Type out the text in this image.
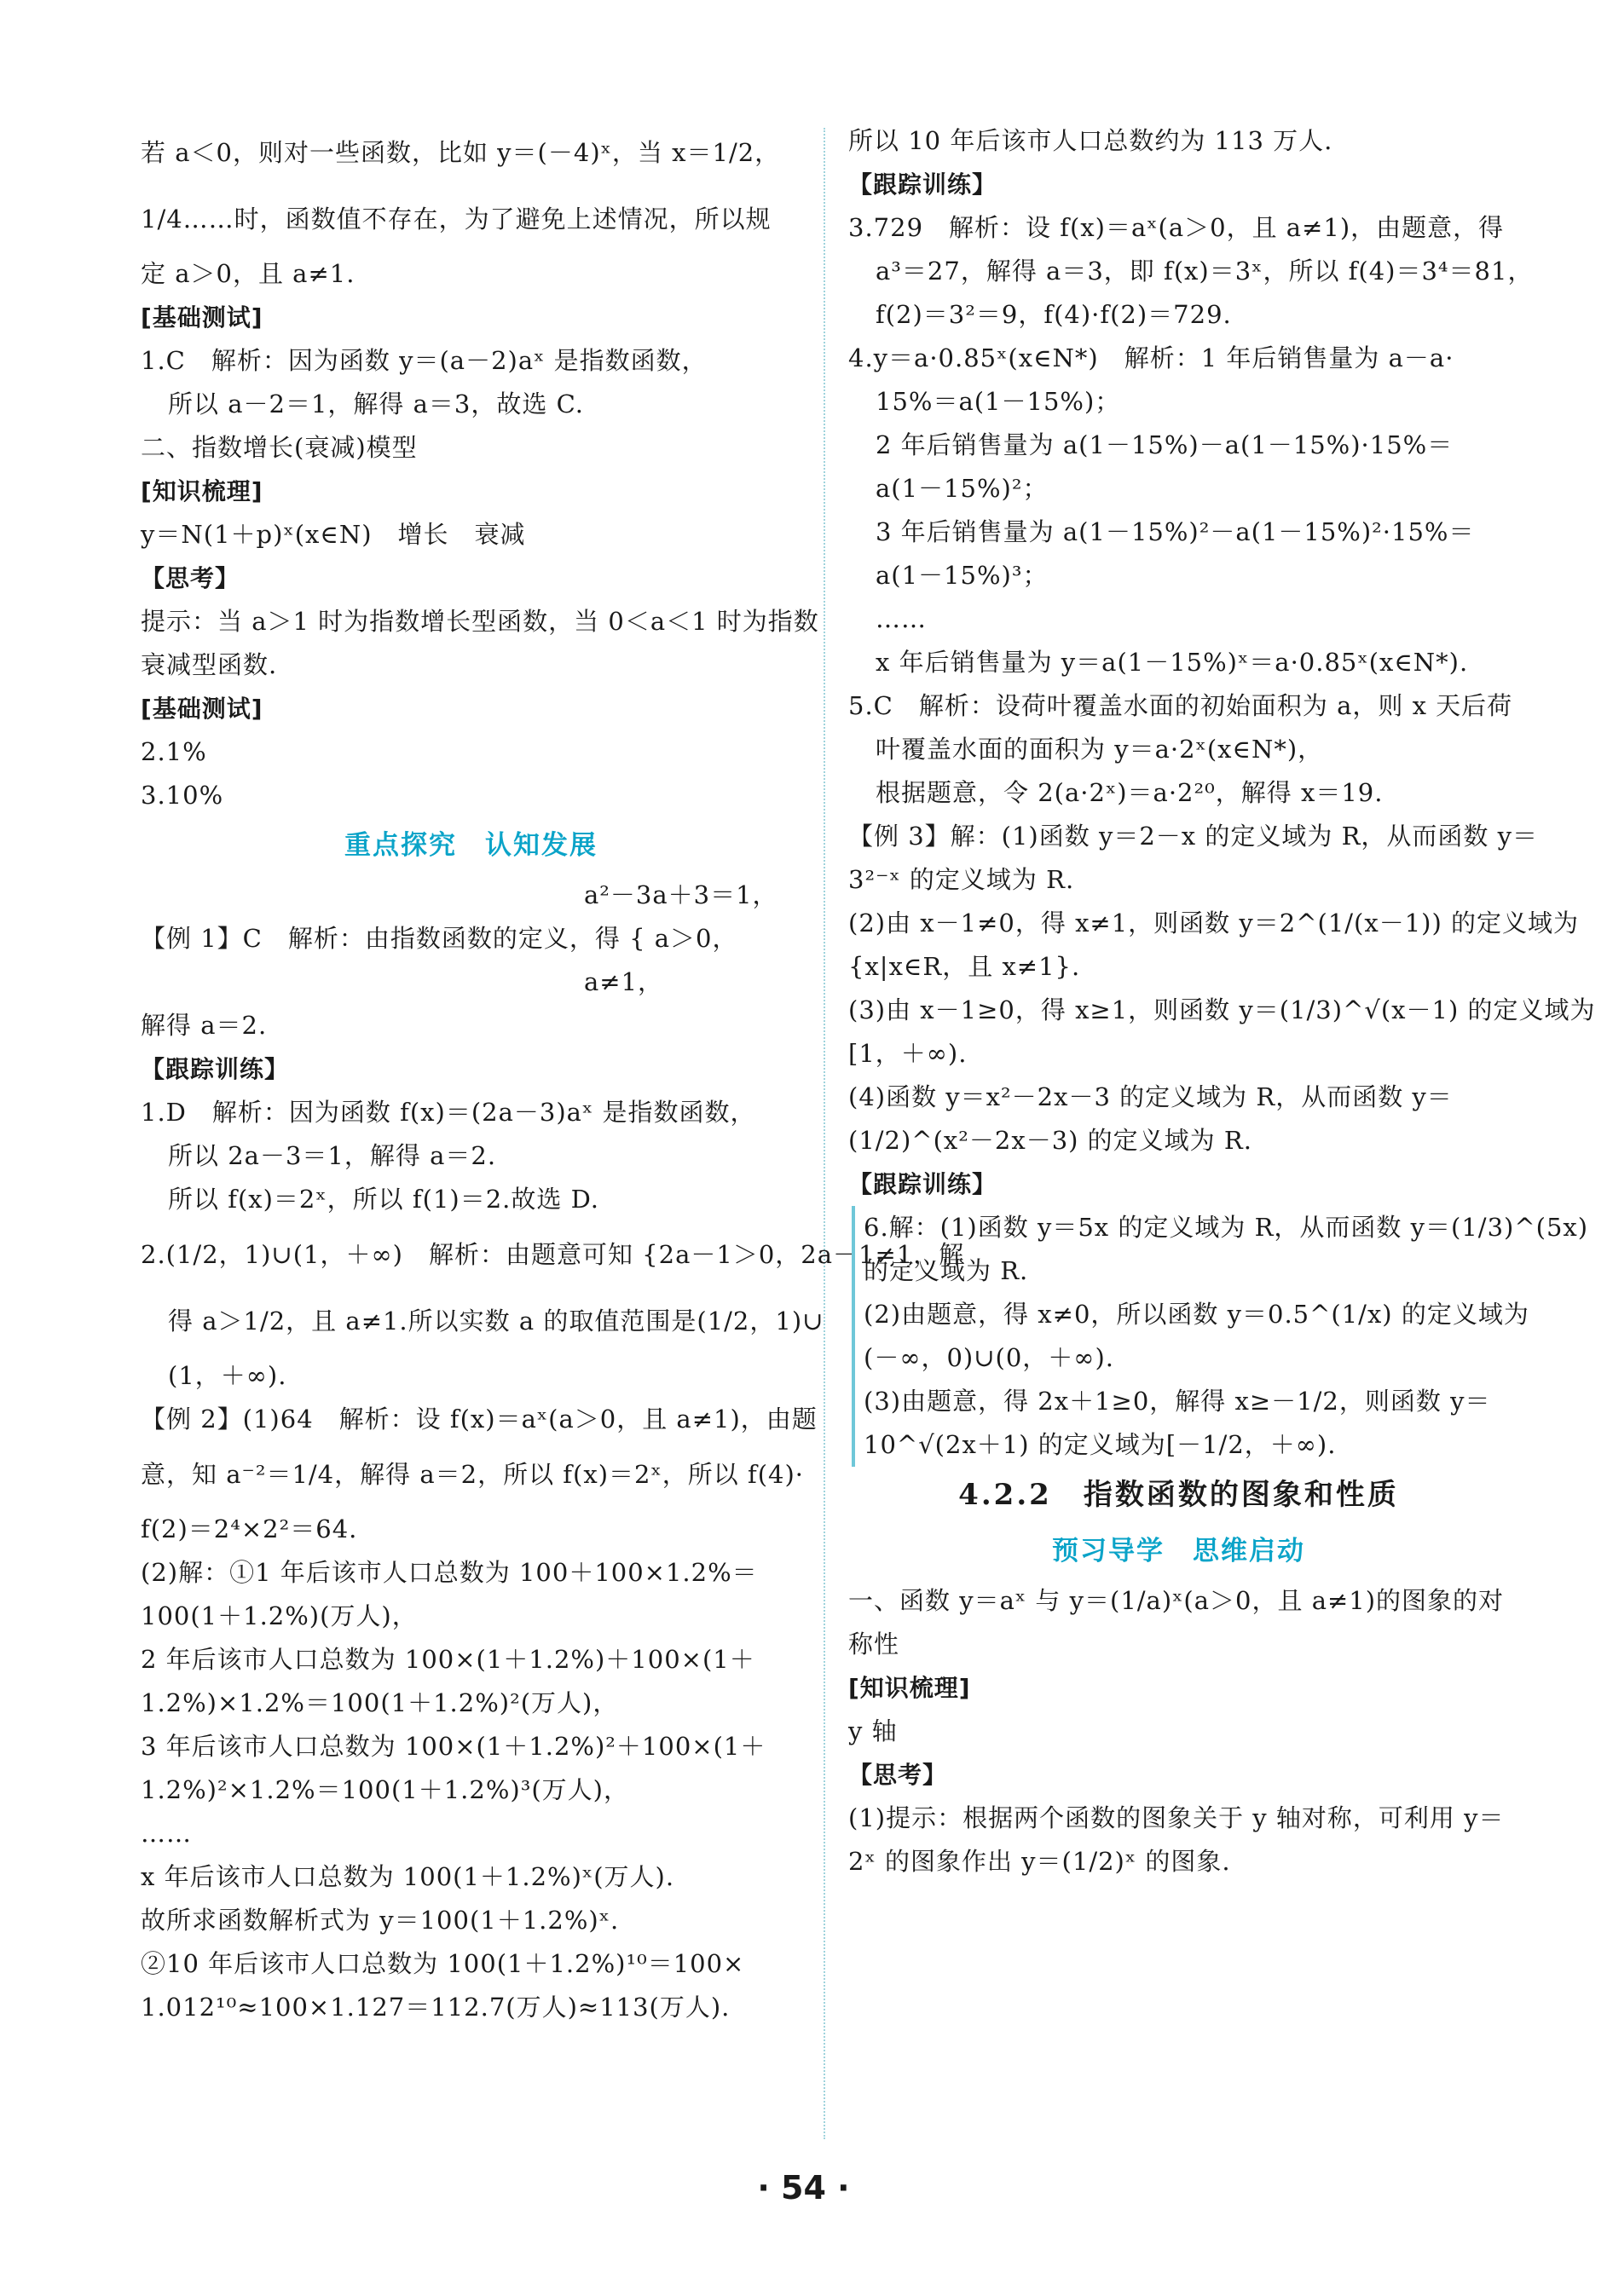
若 a＜0，则对一些函数，比如 y＝(－4)ˣ，当 x＝1/2，
1/4……时，函数值不存在，为了避免上述情况，所以规
定 a＞0，且 a≠1.
[基础测试]
1.C　解析：因为函数 y＝(a－2)aˣ 是指数函数，
所以 a－2＝1，解得 a＝3，故选 C.
二、指数增长(衰减)模型
[知识梳理]
y＝N(1＋p)ˣ(x∈N)　增长　衰减
【思考】
提示：当 a＞1 时为指数增长型函数，当 0＜a＜1 时为指数
衰减型函数.
[基础测试]
2.1%
3.10%
重点探究　认知发展
a²－3a＋3＝1，
【例 1】C　解析：由指数函数的定义，得 { a＞0，
a≠1，
解得 a＝2.
【跟踪训练】
1.D　解析：因为函数 f(x)＝(2a－3)aˣ 是指数函数，
所以 2a－3＝1，解得 a＝2.
所以 f(x)＝2ˣ，所以 f(1)＝2.故选 D.
2.(1/2，1)∪(1，＋∞)　解析：由题意可知 {2a－1＞0，2a－1≠1，解
得 a＞1/2，且 a≠1.所以实数 a 的取值范围是(1/2，1)∪
(1，＋∞).
【例 2】(1)64　解析：设 f(x)＝aˣ(a＞0，且 a≠1)，由题
意，知 a⁻²＝1/4，解得 a＝2，所以 f(x)＝2ˣ，所以 f(4)·
f(2)＝2⁴×2²＝64.
(2)解：①1 年后该市人口总数为 100＋100×1.2%＝
100(1＋1.2%)(万人)，
2 年后该市人口总数为 100×(1＋1.2%)＋100×(1＋
1.2%)×1.2%＝100(1＋1.2%)²(万人)，
3 年后该市人口总数为 100×(1＋1.2%)²＋100×(1＋
1.2%)²×1.2%＝100(1＋1.2%)³(万人)，
……
x 年后该市人口总数为 100(1＋1.2%)ˣ(万人).
故所求函数解析式为 y＝100(1＋1.2%)ˣ.
②10 年后该市人口总数为 100(1＋1.2%)¹⁰＝100×
1.012¹⁰≈100×1.127＝112.7(万人)≈113(万人).
所以 10 年后该市人口总数约为 113 万人.
【跟踪训练】
3.729　解析：设 f(x)＝aˣ(a＞0，且 a≠1)，由题意，得
a³＝27，解得 a＝3，即 f(x)＝3ˣ，所以 f(4)＝3⁴＝81，
f(2)＝3²＝9，f(4)·f(2)＝729.
4.y＝a·0.85ˣ(x∈N*)　解析：1 年后销售量为 a－a·
15%＝a(1－15%)；
2 年后销售量为 a(1－15%)－a(1－15%)·15%＝
a(1－15%)²；
3 年后销售量为 a(1－15%)²－a(1－15%)²·15%＝
a(1－15%)³；
……
x 年后销售量为 y＝a(1－15%)ˣ＝a·0.85ˣ(x∈N*).
5.C　解析：设荷叶覆盖水面的初始面积为 a，则 x 天后荷
叶覆盖水面的面积为 y＝a·2ˣ(x∈N*)，
根据题意，令 2(a·2ˣ)＝a·2²⁰，解得 x＝19.
【例 3】解：(1)函数 y＝2－x 的定义域为 R，从而函数 y＝
3²⁻ˣ 的定义域为 R.
(2)由 x－1≠0，得 x≠1，则函数 y＝2^(1/(x－1)) 的定义域为
{x|x∈R，且 x≠1}.
(3)由 x－1≥0，得 x≥1，则函数 y＝(1/3)^√(x－1) 的定义域为
[1，＋∞).
(4)函数 y＝x²－2x－3 的定义域为 R，从而函数 y＝
(1/2)^(x²－2x－3) 的定义域为 R.
【跟踪训练】
6.解：(1)函数 y＝5x 的定义域为 R，从而函数 y＝(1/3)^(5x)
的定义域为 R.
(2)由题意，得 x≠0，所以函数 y＝0.5^(1/x) 的定义域为
(－∞，0)∪(0，＋∞).
(3)由题意，得 2x＋1≥0，解得 x≥－1/2，则函数 y＝
10^√(2x＋1) 的定义域为[－1/2，＋∞).
4.2.2　指数函数的图象和性质
预习导学　思维启动
一、函数 y＝aˣ 与 y＝(1/a)ˣ(a＞0，且 a≠1)的图象的对
称性
[知识梳理]
y 轴
【思考】
(1)提示：根据两个函数的图象关于 y 轴对称，可利用 y＝
2ˣ 的图象作出 y＝(1/2)ˣ 的图象.
· 54 ·
